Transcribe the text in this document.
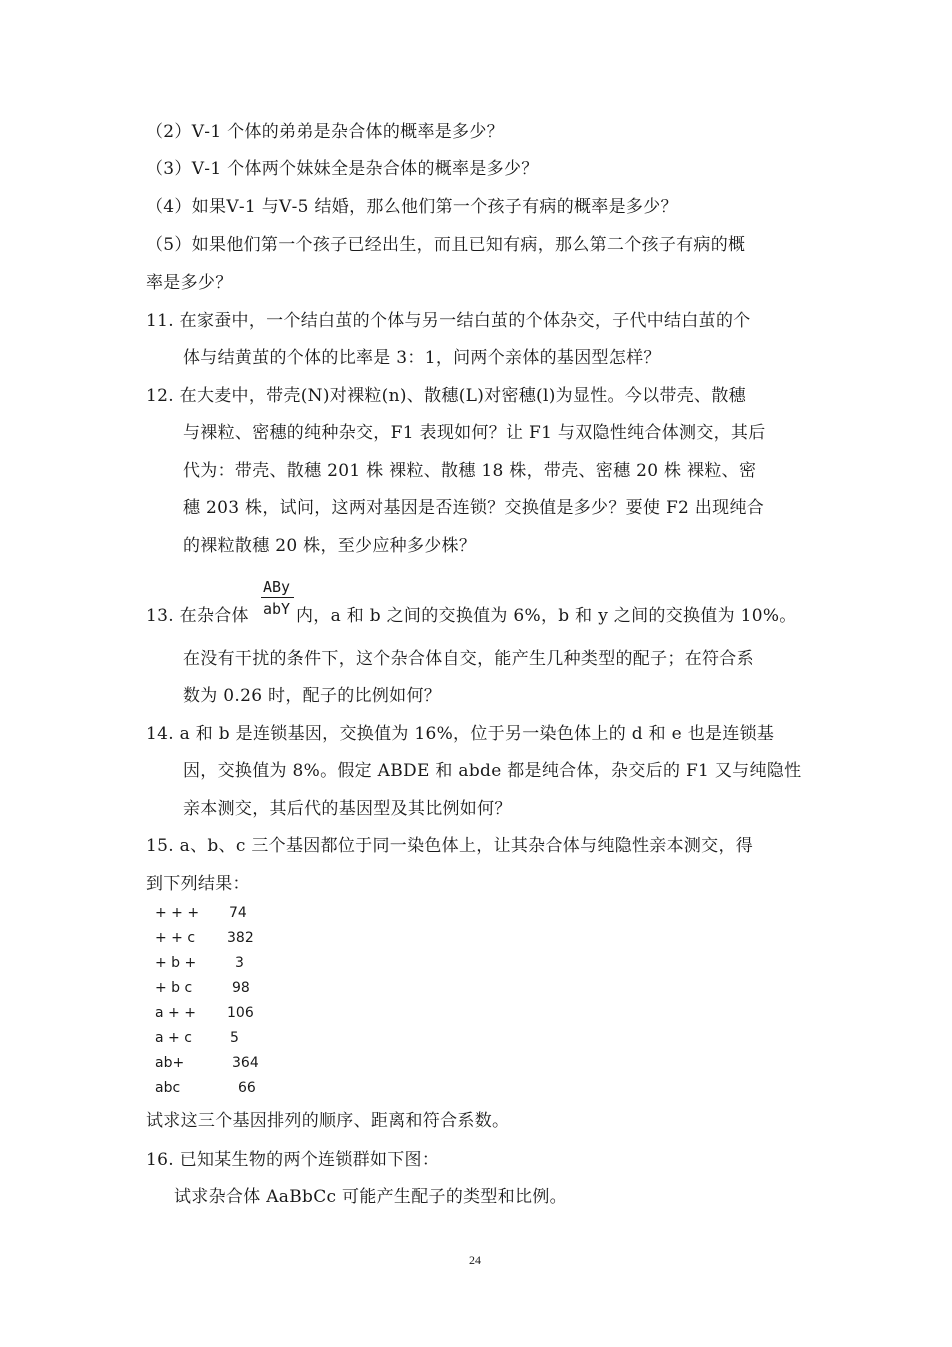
（2）Ⅴ-1 个体的弟弟是杂合体的概率是多少？
（3）Ⅴ-1 个体两个妹妹全是杂合体的概率是多少？
（4）如果Ⅴ-1 与Ⅴ-5 结婚，那么他们第一个孩子有病的概率是多少？
（5）如果他们第一个孩子已经出生，而且已知有病，那么第二个孩子有病的概
率是多少？
11. 在家蚕中，一个结白茧的个体与另一结白茧的个体杂交，子代中结白茧的个
体与结黄茧的个体的比率是 3：1，问两个亲体的基因型怎样？
12. 在大麦中，带壳(N)对裸粒(n)、散穗(L)对密穗(l)为显性。今以带壳、散穗
与裸粒、密穗的纯种杂交，F1 表现如何？让 F1 与双隐性纯合体测交，其后
代为：带壳、散穗 201 株 裸粒、散穗 18 株，带壳、密穗 20 株 裸粒、密
穗 203 株，试问，这两对基因是否连锁？交换值是多少？要使 F2 出现纯合
的裸粒散穗 20 株，至少应种多少株？
ABy
abY
13. 在杂合体	内，a 和 b 之间的交换值为 6%，b 和 y 之间的交换值为 10%。
在没有干扰的条件下，这个杂合体自交，能产生几种类型的配子；在符合系
数为 0.26 时，配子的比例如何？
14. a 和 b 是连锁基因，交换值为 16%，位于另一染色体上的 d 和 e 也是连锁基
因，交换值为 8%。假定 ABDE 和 abde 都是纯合体，杂交后的 F1 又与纯隐性
亲本测交，其后代的基因型及其比例如何？
15. a、b、c 三个基因都位于同一染色体上，让其杂合体与纯隐性亲本测交，得
到下列结果：
+ + + 74
+ + c 382
+ b +	3
+ b c	98
a + + 106
a + c	5
ab+	364
abc	66
试求这三个基因排列的顺序、距离和符合系数。
16. 已知某生物的两个连锁群如下图：
试求杂合体 AaBbCc 可能产生配子的类型和比例。
24
